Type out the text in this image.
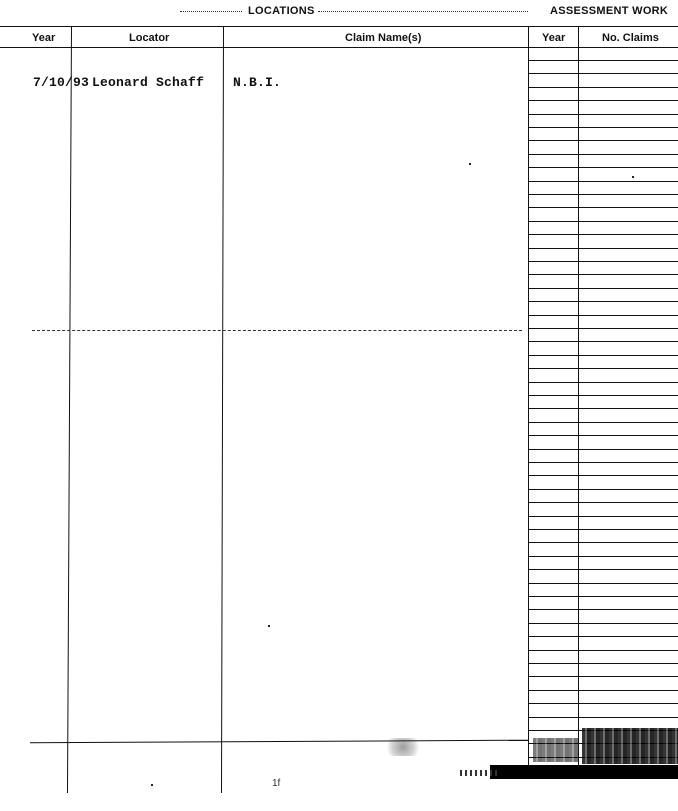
LOCATIONS	ASSESSMENT WORK
Year	Locator	Claim Name(s)	Year	No. Claims
7/10/93 Leonard Schaff N.B.I.
1f
